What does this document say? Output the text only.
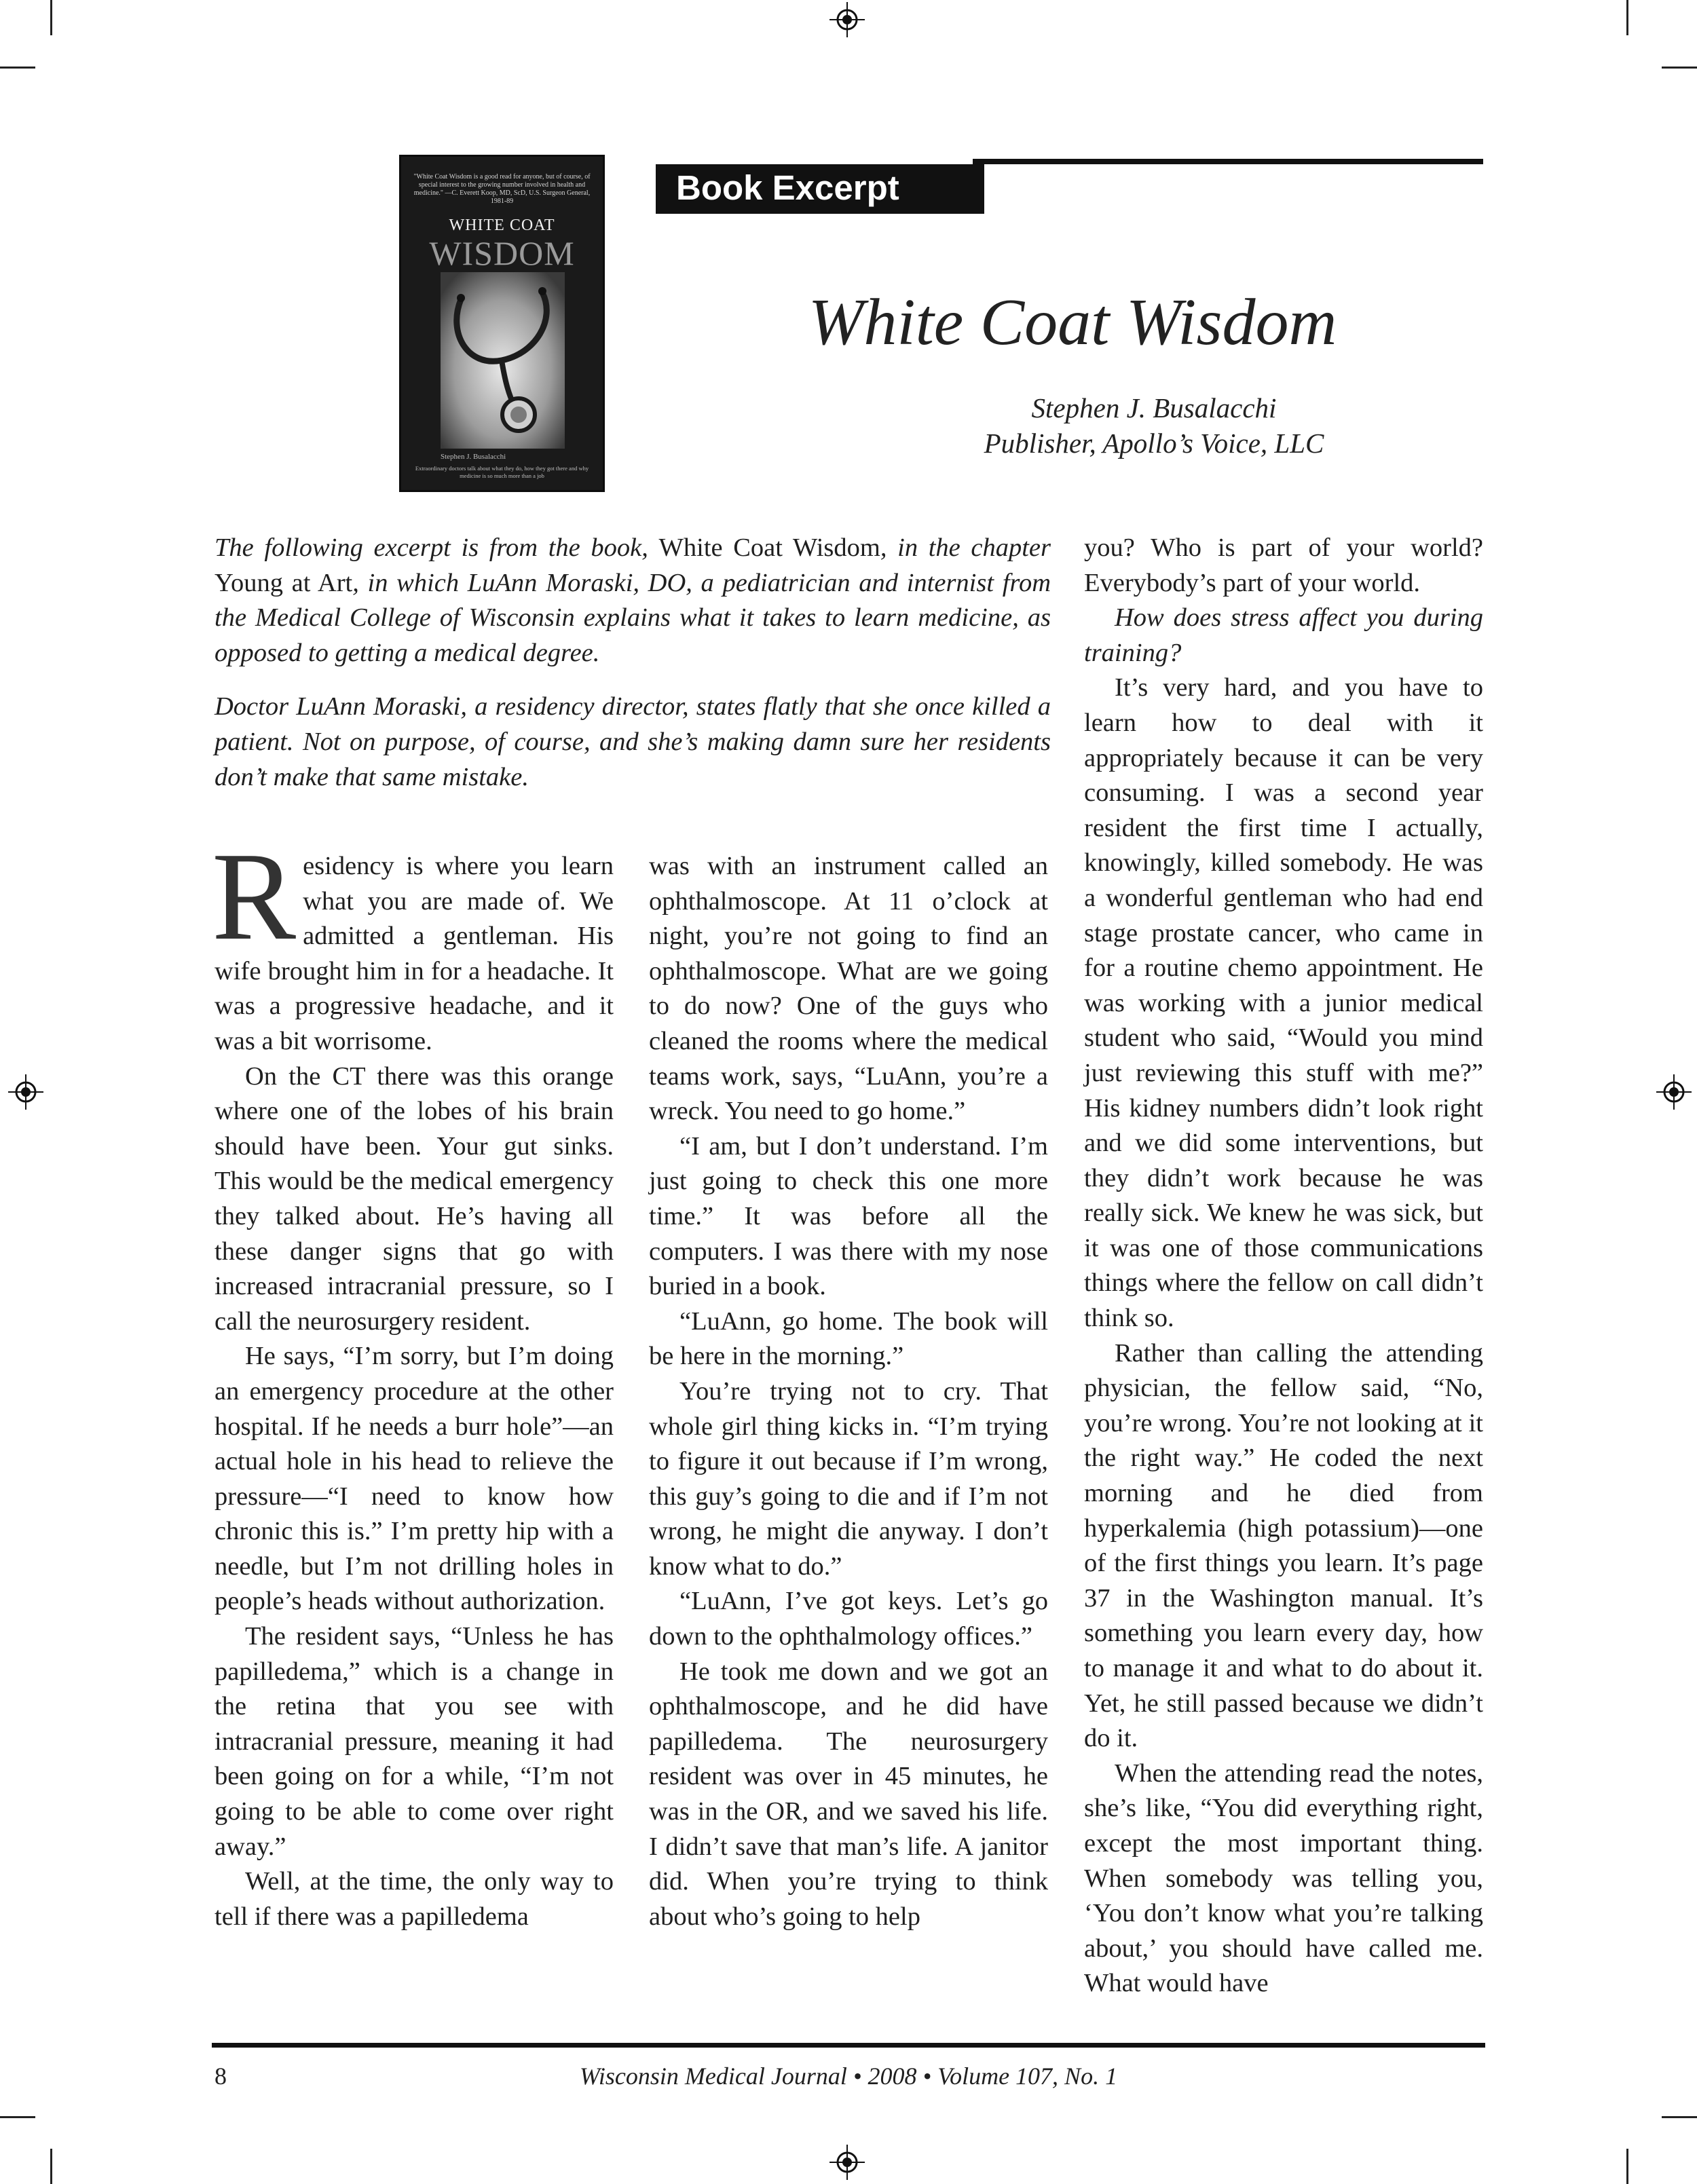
"White Coat Wisdom is a good read for anyone, but of course, of special interest to the growing number involved in health and medicine." —C. Everett Koop, MD, ScD, U.S. Surgeon General, 1981-89
WHITE COAT
WISDOM
Stephen J. Busalacchi
Extraordinary doctors talk about what they do, how they got there and why medicine is so much more than a job
Book Excerpt
White Coat Wisdom
Stephen J. Busalacchi
Publisher, Apollo’s Voice, LLC

The following excerpt is from the book, White Coat Wisdom, in the chapter Young at Art, in which LuAnn Moraski, DO, a pediatrician and internist from the Medical College of Wisconsin explains what it takes to learn medicine, as opposed to getting a medical degree.

Doctor LuAnn Moraski, a residency director, states flatly that she once killed a patient. Not on purpose, of course, and she’s making damn sure her residents don’t make that same mistake.

Residency is where you learn what you are made of. We admitted a gentleman. His wife brought him in for a headache. It was a progressive headache, and it was a bit worrisome.

On the CT there was this orange where one of the lobes of his brain should have been. Your gut sinks. This would be the medical emergency they talked about. He’s having all these danger signs that go with increased intracranial pressure, so I call the neurosurgery resident.

He says, “I’m sorry, but I’m doing an emergency procedure at the other hospital. If he needs a burr hole”—an actual hole in his head to relieve the pressure—“I need to know how chronic this is.” I’m pretty hip with a needle, but I’m not drilling holes in people’s heads without authorization.

The resident says, “Unless he has papilledema,” which is a change in the retina that you see with intracranial pressure, meaning it had been going on for a while, “I’m not going to be able to come over right away.”

Well, at the time, the only way to tell if there was a papilledema

was with an instrument called an ophthalmoscope. At 11 o’clock at night, you’re not going to find an ophthalmoscope. What are we going to do now? One of the guys who cleaned the rooms where the medical teams work, says, “LuAnn, you’re a wreck. You need to go home.”

“I am, but I don’t understand. I’m just going to check this one more time.” It was before all the computers. I was there with my nose buried in a book.

“LuAnn, go home. The book will be here in the morning.”

You’re trying not to cry. That whole girl thing kicks in. “I’m trying to figure it out because if I’m wrong, this guy’s going to die and if I’m not wrong, he might die anyway. I don’t know what to do.”

“LuAnn, I’ve got keys. Let’s go down to the ophthalmology offices.”

He took me down and we got an ophthalmoscope, and he did have papilledema. The neurosurgery resident was over in 45 minutes, he was in the OR, and we saved his life. I didn’t save that man’s life. A janitor did. When you’re trying to think about who’s going to help

you? Who is part of your world? Everybody’s part of your world.

How does stress affect you during training?

It’s very hard, and you have to learn how to deal with it appropriately because it can be very consuming. I was a second year resident the first time I actually, knowingly, killed somebody. He was a wonderful gentleman who had end stage prostate cancer, who came in for a routine chemo appointment. He was working with a junior medical student who said, “Would you mind just reviewing this stuff with me?” His kidney numbers didn’t look right and we did some interventions, but they didn’t work because he was really sick. We knew he was sick, but it was one of those communications things where the fellow on call didn’t think so.

Rather than calling the attending physician, the fellow said, “No, you’re wrong. You’re not looking at it the right way.” He coded the next morning and he died from hyperkalemia (high potassium)—one of the first things you learn. It’s page 37 in the Washington manual. It’s something you learn every day, how to manage it and what to do about it. Yet, he still passed because we didn’t do it.

When the attending read the notes, she’s like, “You did everything right, except the most important thing. When somebody was telling you, ‘You don’t know what you’re talking about,’ you should have called me. What would have

8	Wisconsin Medical Journal • 2008 • Volume 107, No. 1
